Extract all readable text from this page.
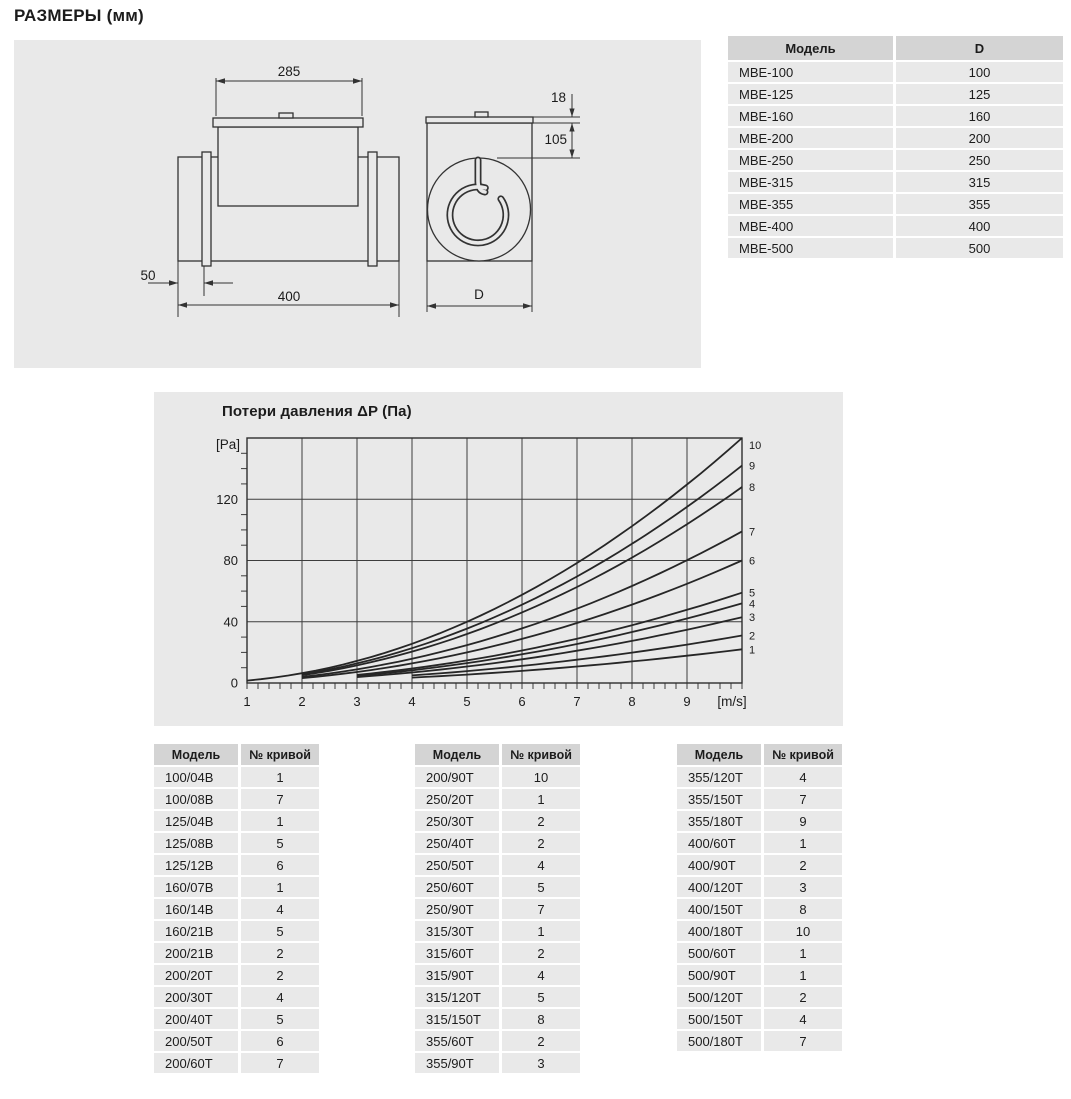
РАЗМЕРЫ (мм)
285
50
400
18
105
D
Модель	D
МВЕ-100	100
МВЕ-125	125
МВЕ-160	160
МВЕ-200	200
МВЕ-250	250
МВЕ-315	315
МВЕ-355	355
МВЕ-400	400
МВЕ-500	500
Потери давления ΔP (Па)
1
2
3
4
5
6
7
8
9
10
1	2	3	4	5	6	7	8	9
0
40
80
120
[Pa]
[m/s]
Модель	№ кривой
100/04В	1
100/08В	7
125/04В	1
125/08В	5
125/12В	6
160/07В	1
160/14В	4
160/21В	5
200/21В	2
200/20Т	2
200/30Т	4
200/40Т	5
200/50Т	6
200/60Т	7
Модель	№ кривой
200/90Т	10
250/20Т	1
250/30Т	2
250/40Т	2
250/50Т	4
250/60Т	5
250/90Т	7
315/30Т	1
315/60Т	2
315/90Т	4
315/120Т	5
315/150Т	8
355/60Т	2
355/90Т	3
Модель	№ кривой
355/120Т	4
355/150Т	7
355/180Т	9
400/60Т	1
400/90Т	2
400/120Т	3
400/150Т	8
400/180Т	10
500/60Т	1
500/90Т	1
500/120Т	2
500/150Т	4
500/180Т	7
